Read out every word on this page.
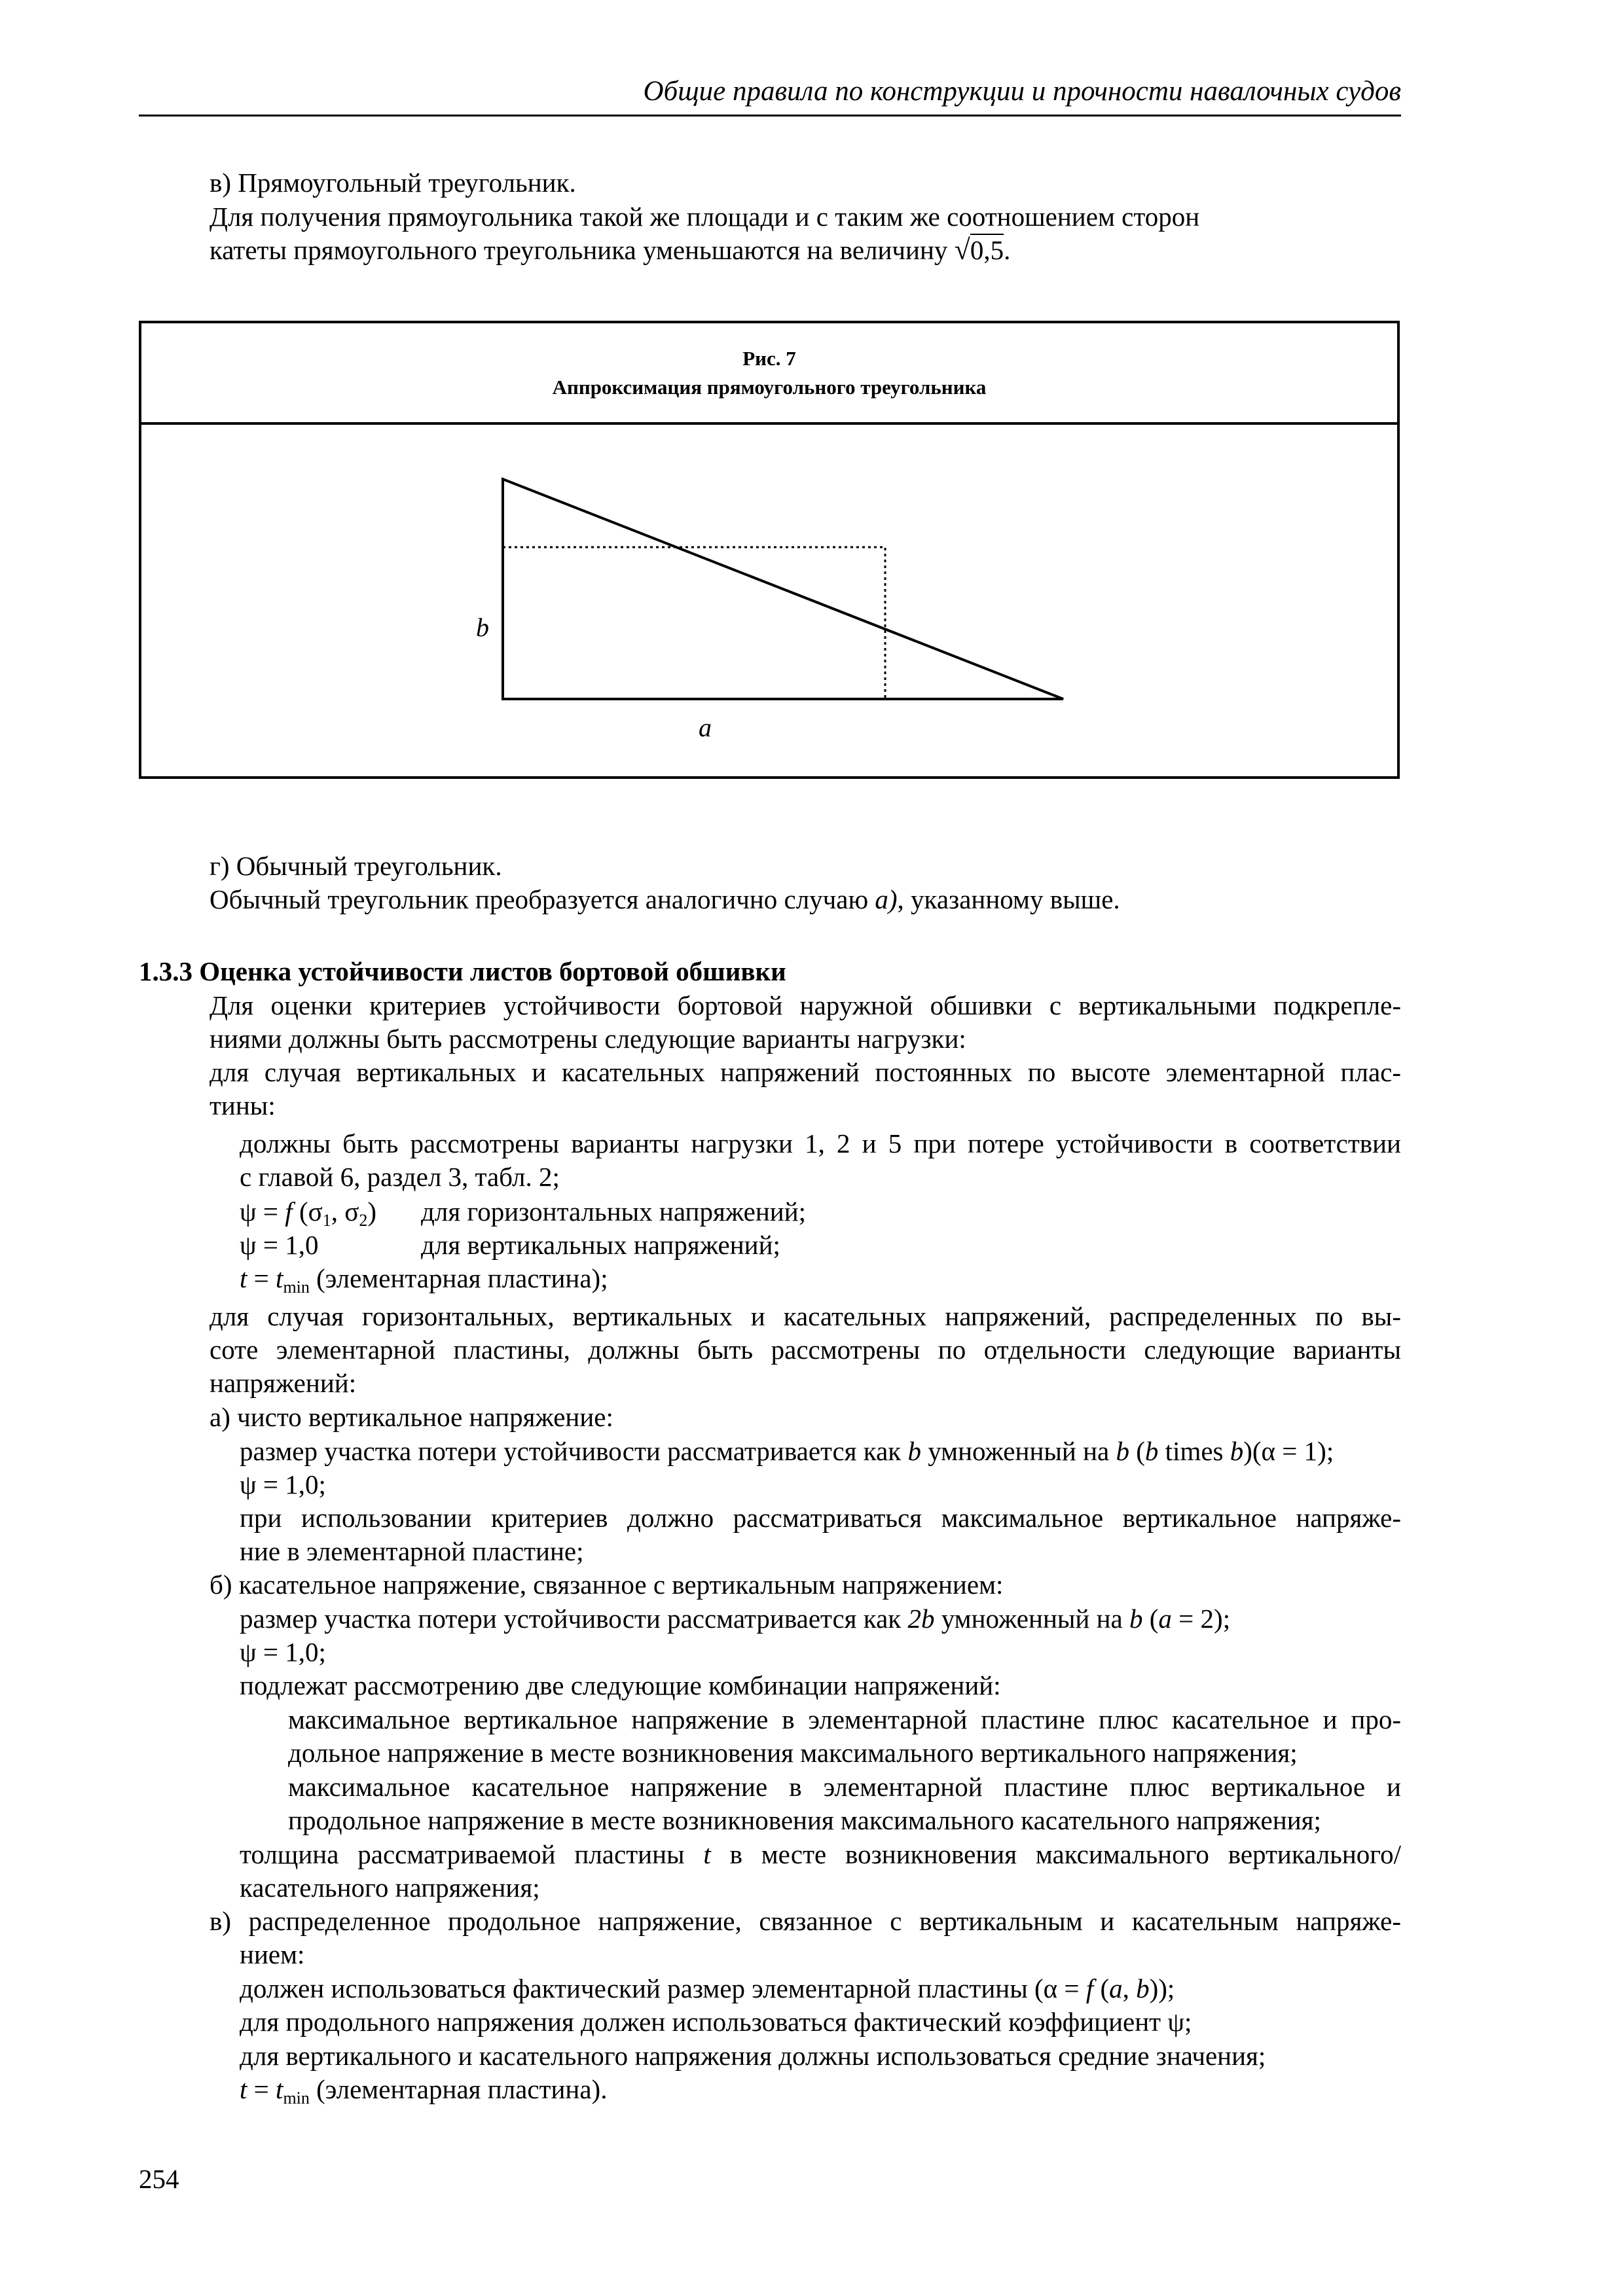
Общие правила по конструкции и прочности навалочных судов
в) Прямоугольный треугольник.
Для получения прямоугольника такой же площади и с таким же соотношением сторон
катеты прямоугольного треугольника уменьшаются на величину √0,5.
Рис. 7
Аппроксимация прямоугольного треугольника
b
a
г) Обычный треугольник.
Обычный треугольник преобразуется аналогично случаю а), указанному выше.
1.3.3 Оценка устойчивости листов бортовой обшивки
Для оценки критериев устойчивости бортовой наружной обшивки с вертикальными подкрепле-
ниями должны быть рассмотрены следующие варианты нагрузки:
для случая вертикальных и касательных напряжений постоянных по высоте элементарной плас-
тины:
должны быть рассмотрены варианты нагрузки 1, 2 и 5 при потере устойчивости в соответствии
с главой 6, раздел 3, табл. 2;
ψ = f ($\sigma_1$, $\sigma_2$) для горизонтальных напряжений;
ψ = 1,0	для вертикальных напряжений;
$t = t_{min}$ (элементарная пластина);
для случая горизонтальных, вертикальных и касательных напряжений, распределенных по вы-
соте элементарной пластины, должны быть рассмотрены по отдельности следующие варианты
напряжений:
а) чисто вертикальное напряжение:
размер участка потери устойчивости рассматривается как b умноженный на b (b times b)(α = 1);
ψ = 1,0;
при использовании критериев должно рассматриваться максимальное вертикальное напряже-
ние в элементарной пластине;
б) касательное напряжение, связанное с вертикальным напряжением:
размер участка потери устойчивости рассматривается как 2b умноженный на b (a = 2);
ψ = 1,0;
подлежат рассмотрению две следующие комбинации напряжений:
максимальное вертикальное напряжение в элементарной пластине плюс касательное и про-
дольное напряжение в месте возникновения максимального вертикального напряжения;
максимальное касательное напряжение в элементарной пластине плюс вертикальное и
продольное напряжение в месте возникновения максимального касательного напряжения;
толщина рассматриваемой пластины t в месте возникновения максимального вертикального/
касательного напряжения;
в) распределенное продольное напряжение, связанное с вертикальным и касательным напряже-
нием:
должен использоваться фактический размер элементарной пластины (α = f (a, b));
для продольного напряжения должен использоваться фактический коэффициент ψ;
для вертикального и касательного напряжения должны использоваться средние значения;
$t = t_{min}$ (элементарная пластина).
254
